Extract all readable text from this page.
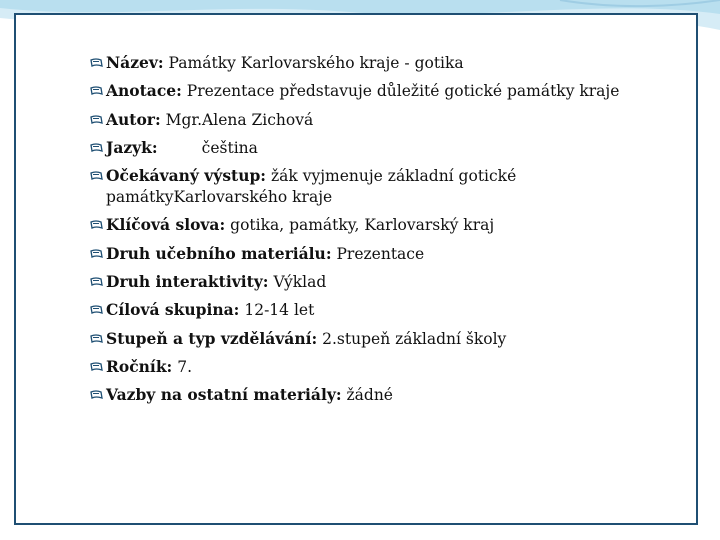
Název: Památky Karlovarského kraje - gotika
Anotace: Prezentace představuje důležité gotické památky kraje
Autor: Mgr.Alena Zichová
Jazyk:	čeština
Očekávaný výstup: žák vyjmenuje základní gotické památkyKarlovarského kraje
Klíčová slova: gotika, památky, Karlovarský kraj
Druh učebního materiálu: Prezentace
Druh interaktivity: Výklad
Cílová skupina: 12-14 let
Stupeň a typ vzdělávání: 2.stupeň základní školy
Ročník: 7.
Vazby na ostatní materiály: žádné
